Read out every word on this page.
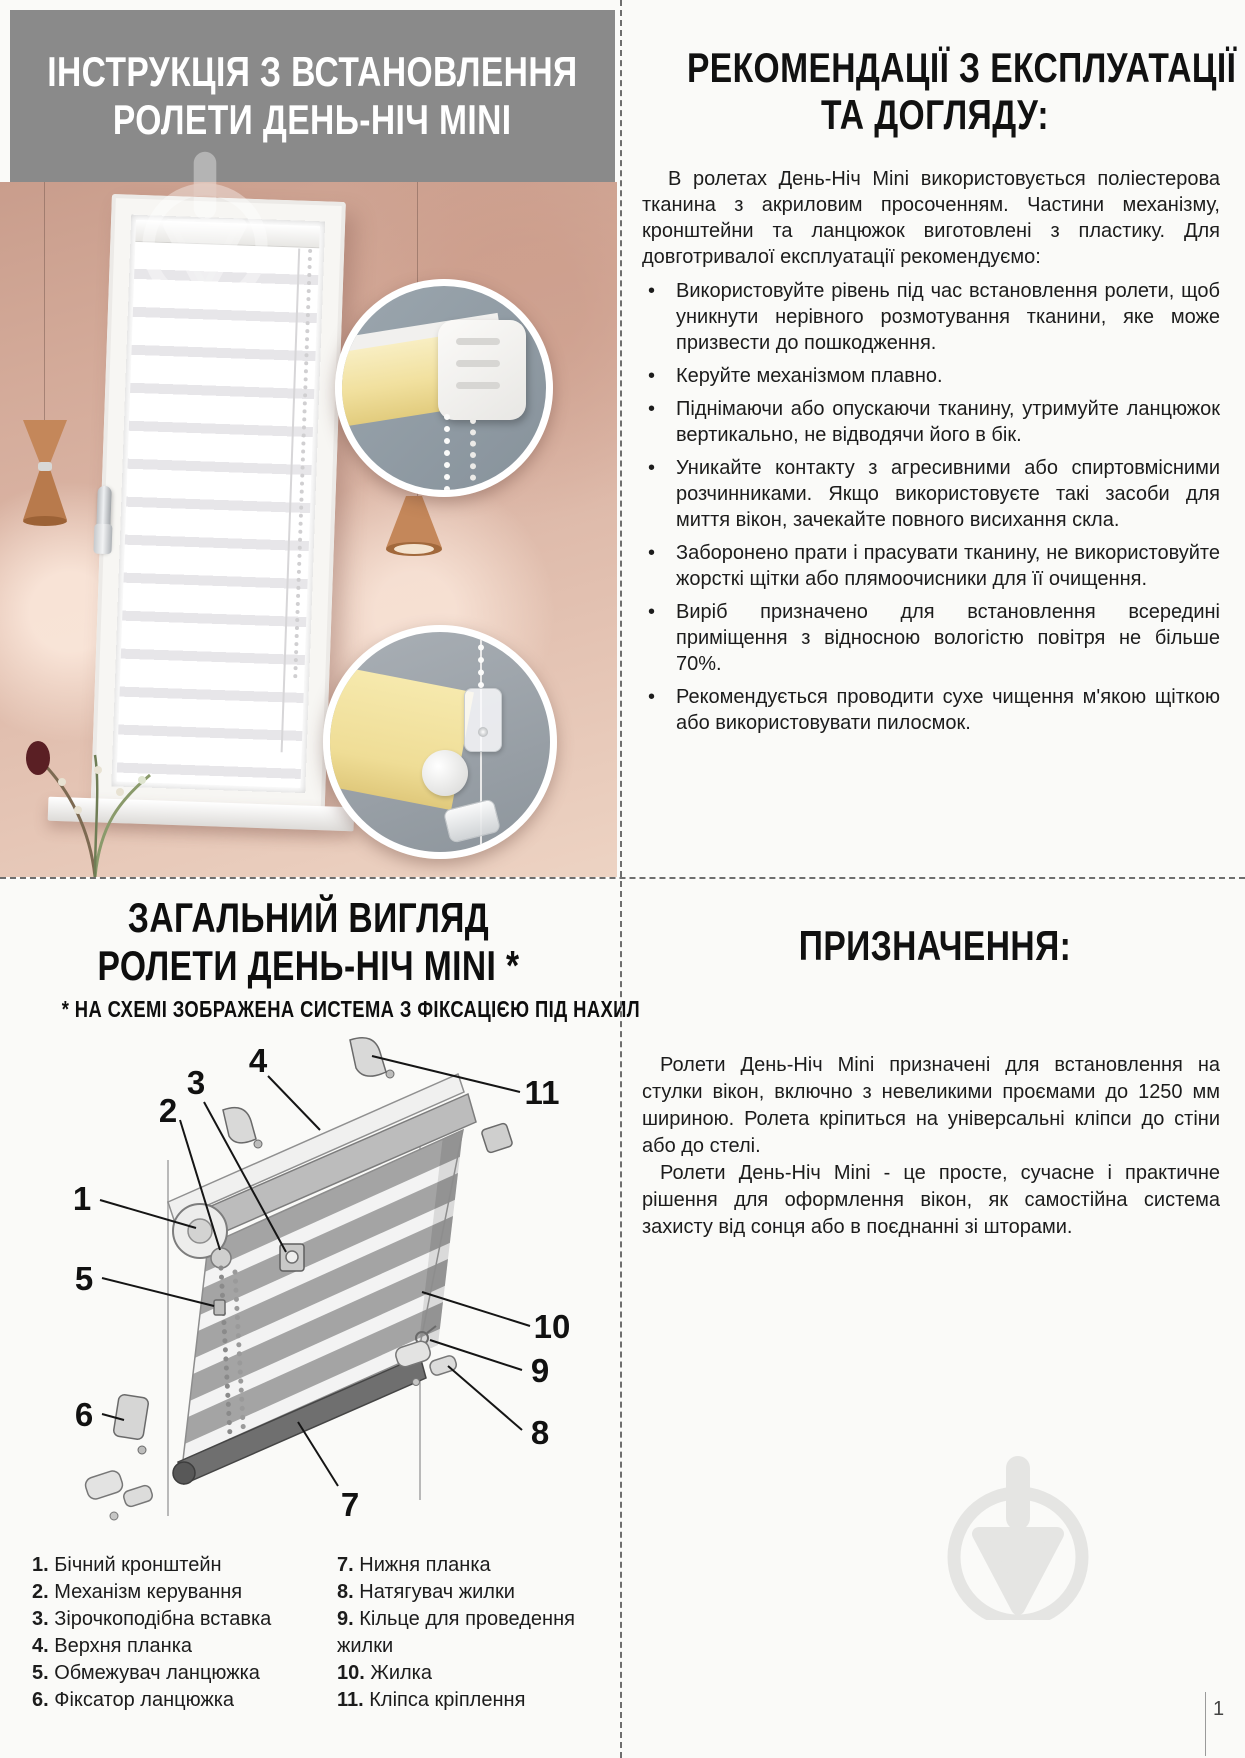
ІНСТРУКЦІЯ З ВСТАНОВЛЕННЯ
РОЛЕТИ ДЕНЬ-НІЧ MINI
РЕКОМЕНДАЦІЇ З ЕКСПЛУАТАЦІЇ
ТА ДОГЛЯДУ:

В ролетах День-Ніч Mini використовується поліестерова тканина з акриловим просоченням. Частини механізму, кронштейни та ланцюжок виготовлені з пластику. Для довготривалої експлуатації рекомендуємо:

• Використовуйте рівень під час встановлення ролети, щоб уникнути нерівного розмотування тканини, яке може призвести до пошкодження.
• Керуйте механізмом плавно.
• Піднімаючи або опускаючи тканину, утримуйте ланцюжок вертикально, не відводячи його в бік.
• Уникайте контакту з агресивними або спиртовмісними розчинниками. Якщо використовуєте такі засоби для миття вікон, зачекайте повного висихання скла.
• Заборонено прати і прасувати тканину, не використовуйте жорсткі щітки або плямоочисники для її очищення.
• Виріб призначено для встановлення всередині приміщення з відносною вологістю повітря не більше 70%.
• Рекомендується проводити сухе чищення м'якою щіткою або використовувати пилосмок.
ЗАГАЛЬНИЙ ВИГЛЯД
РОЛЕТИ ДЕНЬ-НІЧ MINI *
* НА СХЕМІ ЗОБРАЖЕНА СИСТЕМА З ФІКСАЦІЄЮ ПІД НАХИЛ
1
2
3
4
5
6
7
8
9
10
11
1. Бічний кронштейн
2. Механізм керування
3. Зірочкоподібна вставка
4. Верхня планка
5. Обмежувач ланцюжка
6. Фіксатор ланцюжка
7. Нижня планка
8. Натягувач жилки
9. Кільце для проведення жилки
10. Жилка
11. Кліпса кріплення
ПРИЗНАЧЕННЯ:

Ролети День-Ніч Mini призначені для встановлення на стулки вікон, включно з невеликими проємами до 1250 мм шириною. Ролета кріпиться на універсальні кліпси до стіни або до стелі.

Ролети День-Ніч Mini - це просте, сучасне і практичне рішення для оформлення вікон, як самостійна система захисту від сонця або в поєднанні зі шторами.

1
